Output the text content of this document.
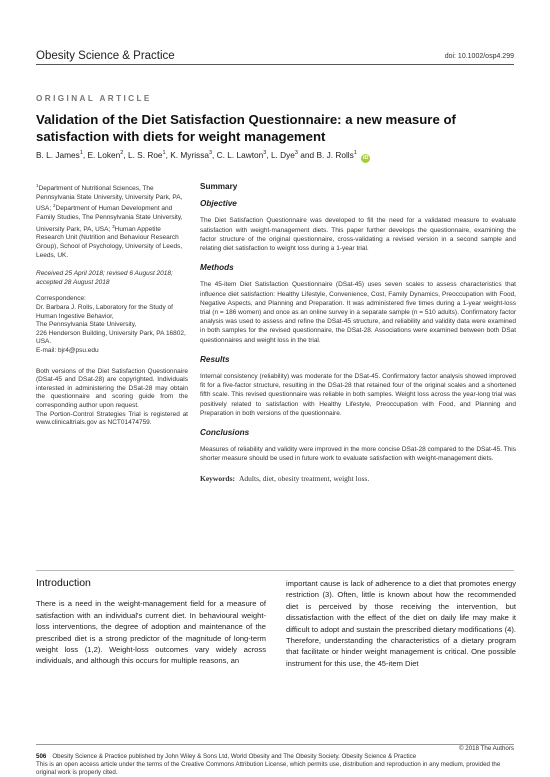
Obesity Science & Practice	doi: 10.1002/osp4.299
ORIGINAL ARTICLE
Validation of the Diet Satisfaction Questionnaire: a new measure of satisfaction with diets for weight management
B. L. James$^1$, E. Loken$^2$, L. S. Roe$^1$, K. Myrissa$^3$, C. L. Lawton$^3$, L. Dye$^3$ and B. J. Rolls$^1$ iD

$^1$Department of Nutritional Sciences, The Pennsylvania State University, University Park, PA, USA; $^2$Department of Human Development and Family Studies, The Pennsylvania State University, University Park, PA, USA; $^3$Human Appetite Research Unit (Nutrition and Behaviour Research Group), School of Psychology, University of Leeds, Leeds, UK.

Received 25 April 2018; revised 6 August 2018; accepted 28 August 2018

Correspondence:
Dr. Barbara J. Rolls, Laboratory for the Study of Human Ingestive Behavior,
The Pennsylvania State University,
226 Henderson Building, University Park, PA 16802, USA.
E-mail: bjr4@psu.edu

Both versions of the Diet Satisfaction Questionnaire (DSat-45 and DSat-28) are copyrighted. Individuals interested in administering the DSat-28 may obtain the questionnaire and scoring guide from the corresponding author upon request.

The Portion-Control Strategies Trial is registered at www.clinicaltrials.gov as NCT01474759.

Summary
Objective

The Diet Satisfaction Questionnaire was developed to fill the need for a validated measure to evaluate satisfaction with weight-management diets. This paper further develops the questionnaire, examining the factor structure of the original questionnaire, cross-validating a revised version in a second sample and relating diet satisfaction to weight loss during a 1-year trial.

Methods

The 45-item Diet Satisfaction Questionnaire (DSat-45) uses seven scales to assess characteristics that influence diet satisfaction: Healthy Lifestyle, Convenience, Cost, Family Dynamics, Preoccupation with Food, Negative Aspects, and Planning and Preparation. It was administered five times during a 1-year weight-loss trial (n = 186 women) and once as an online survey in a separate sample (n = 510 adults). Confirmatory factor analysis was used to assess and refine the DSat-45 structure, and reliability and validity data were examined in both samples for the revised questionnaire, the DSat-28. Associations were examined between both DSat questionnaires and weight loss in the trial.

Results

Internal consistency (reliability) was moderate for the DSat-45. Confirmatory factor analysis showed improved fit for a five-factor structure, resulting in the DSat-28 that retained four of the original scales and a shortened fifth scale. This revised questionnaire was reliable in both samples. Weight loss across the year-long trial was positively related to satisfaction with Healthy Lifestyle, Preoccupation with Food, and Planning and Preparation in both versions of the questionnaire.

Conclusions

Measures of reliability and validity were improved in the more concise DSat-28 compared to the DSat-45. This shorter measure should be used in future work to evaluate satisfaction with weight-management diets.

Keywords: Adults, diet, obesity treatment, weight loss.
Introduction

There is a need in the weight-management field for a measure of satisfaction with an individual's current diet. In behavioural weight-loss interventions, the degree of adoption and maintenance of the prescribed diet is a strong predictor of the magnitude of long-term weight loss (1,2). Weight-loss outcomes vary widely across individuals, and although this occurs for multiple reasons, an

important cause is lack of adherence to a diet that promotes energy restriction (3). Often, little is known about how the recommended diet is perceived by those receiving the intervention, but dissatisfaction with the effect of the diet on daily life may make it difficult to adopt and sustain the prescribed dietary modifications (4). Therefore, understanding the characteristics of a dietary program that facilitate or hinder weight management is critical. One possible instrument for this use, the 45-item Diet

© 2018 The Authors
506 Obesity Science & Practice published by John Wiley & Sons Ltd, World Obesity and The Obesity Society. Obesity Science & Practice
This is an open access article under the terms of the Creative Commons Attribution License, which permits use, distribution and reproduction in any medium, provided the original work is properly cited.
